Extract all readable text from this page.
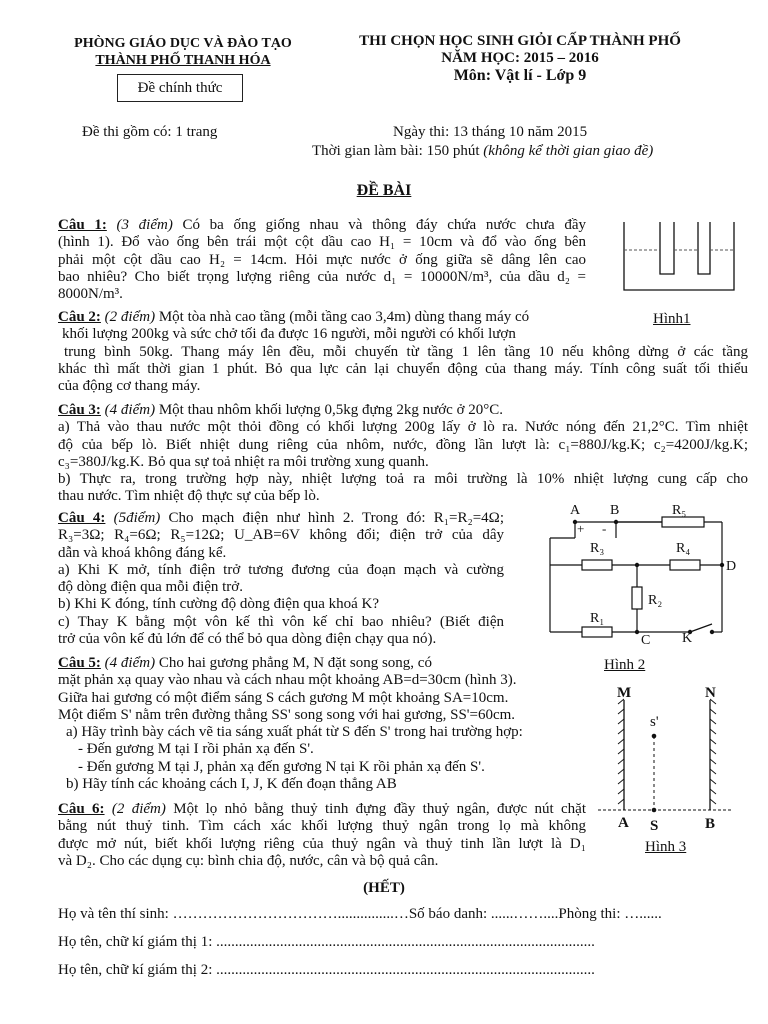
PHÒNG GIÁO DỤC VÀ ĐÀO TẠO
THÀNH PHỐ THANH HÓA
Đề chính thức
THI CHỌN HỌC SINH GIỎI CẤP THÀNH PHỐ
NĂM HỌC: 2015 – 2016
Môn: Vật lí - Lớp 9
Đề thi gồm có: 1 trang	Ngày thi: 13 tháng 10 năm 2015
Thời gian làm bài: 150 phút (không kể thời gian giao đề)
ĐỀ BÀI
Câu 1: (3 điểm) Có ba ống giống nhau và thông đáy chứa nước chưa đầy
(hình 1). Đổ vào ống bên trái một cột dầu cao H₁ = 10cm và đổ vào ống bên
phải một cột dầu cao H₂ = 14cm. Hỏi mực nước ở ống giữa sẽ dâng lên cao
bao nhiêu? Cho biết trọng lượng riêng của nước d₁ = 10000N/m³, của dầu d₂ =
8000N/m³.
Hình1
Câu 2: (2 điểm) Một tòa nhà cao tầng (mỗi tầng cao 3,4m) dùng thang máy có
khối lượng 200kg và sức chở tối đa được 16 người, mỗi người có khối lượn
trung bình 50kg. Thang máy lên đều, mỗi chuyến từ tầng 1 lên tầng 10 nếu không dừng ở các tầng
khác thì mất thời gian 1 phút. Bỏ qua lực cản lại chuyển động của thang máy. Tính công suất tối thiểu
của động cơ thang máy.
Câu 3: (4 điểm) Một thau nhôm khối lượng 0,5kg đựng 2kg nước ở 20°C.
a) Thả vào thau nước một thỏi đồng có khối lượng 200g lấy ở lò ra. Nước nóng đến 21,2°C. Tìm nhiệt
độ của bếp lò. Biết nhiệt dung riêng của nhôm, nước, đồng lần lượt là: c₁=880J/kg.K; c₂=4200J/kg.K;
c₃=380J/kg.K. Bỏ qua sự toả nhiệt ra môi trường xung quanh.
b) Thực ra, trong trường hợp này, nhiệt lượng toả ra môi trường là 10% nhiệt lượng cung cấp cho
thau nước. Tìm nhiệt độ thực sự của bếp lò.
Câu 4: (5điểm) Cho mạch điện như hình 2. Trong đó: R₁=R₂=4Ω;
R₃=3Ω; R₄=6Ω; R₅=12Ω; U_AB=6V không đổi; điện trở của dây
dẫn và khoá không đáng kể.
a) Khi K mở, tính điện trở tương đương của đoạn mạch và cường
độ dòng điện qua mỗi điện trở.
b) Khi K đóng, tính cường độ dòng điện qua khoá K?
c) Thay K bằng một vôn kế thì vôn kế chỉ bao nhiêu? (Biết điện
trở của vôn kế đủ lớn để có thể bỏ qua dòng điện chạy qua nó).
A B
+ -
R₅
R₃	R₄
D
R₂
R₁
C K
Hình 2
Câu 5: (4 điểm) Cho hai gương phẳng M, N đặt song song, có
mặt phản xạ quay vào nhau và cách nhau một khoảng AB=d=30cm (hình 3).
Giữa hai gương có một điểm sáng S cách gương M một khoảng SA=10cm.
Một điểm S' nằm trên đường thẳng SS' song song với hai gương, SS'=60cm.
a) Hãy trình bày cách vẽ tia sáng xuất phát từ S đến S' trong hai trường hợp:
- Đến gương M tại I rồi phản xạ đến S'.
- Đến gương M tại J, phản xạ đến gương N tại K rồi phản xạ đến S'.
b) Hãy tính các khoảng cách I, J, K đến đoạn thẳng AB
M	N
s'
A S	B
Hình 3
Câu 6: (2 điểm) Một lọ nhỏ bằng thuỷ tinh đựng đầy thuỷ ngân, được nút chặt
bằng nút thuỷ tinh. Tìm cách xác khối lượng thuỷ ngân trong lọ mà không
được mở nút, biết khối lượng riêng của thuỷ ngân và thuỷ tinh lần lượt là D₁
và D₂. Cho các dụng cụ: bình chia độ, nước, cân và bộ quả cân.
(HẾT)
Họ và tên thí sinh: ……………………………...............…Số báo danh: ......……....Phòng thi: …......
Họ tên, chữ kí giám thị 1: .....................................................................................................
Họ tên, chữ kí giám thị 2: .....................................................................................................
